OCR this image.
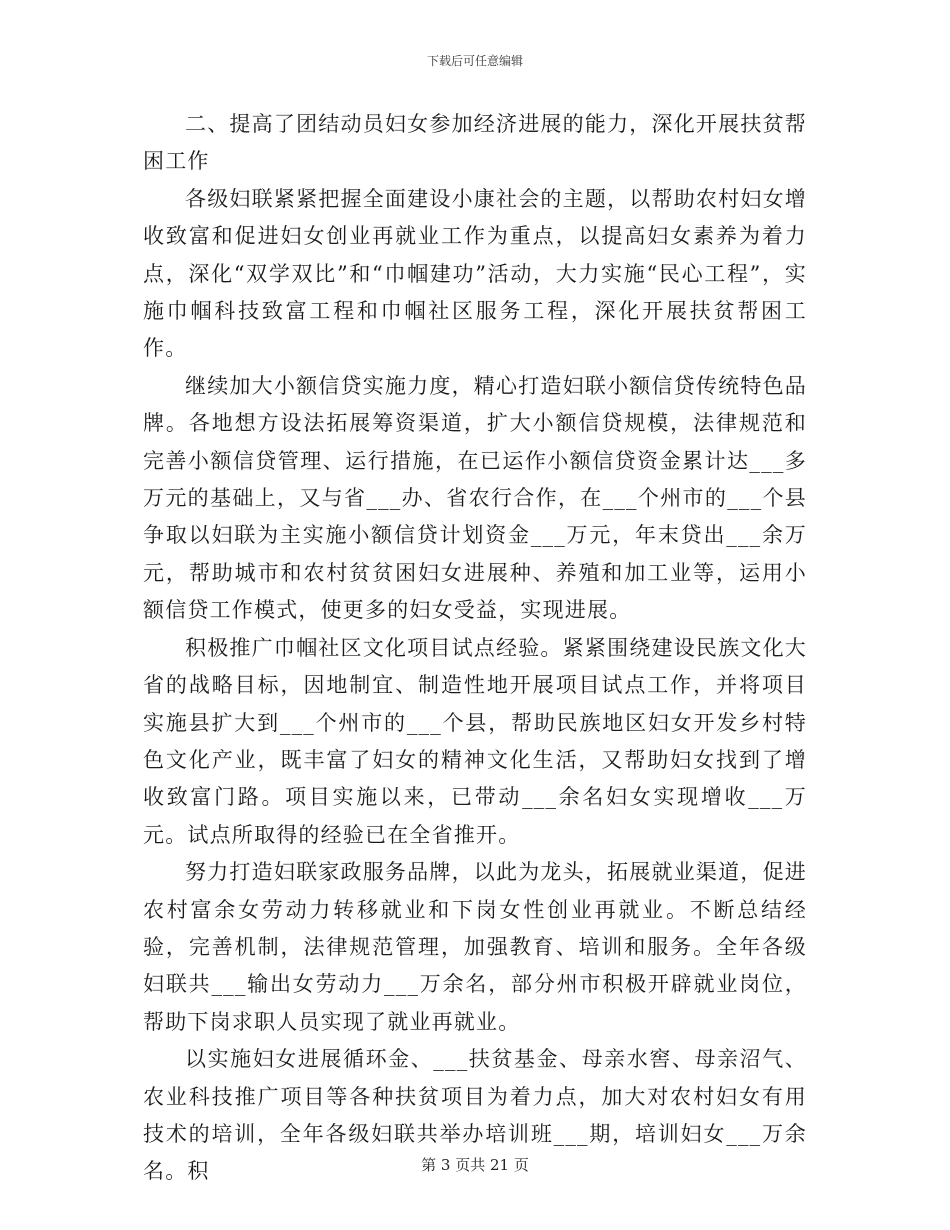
下载后可任意编辑

二、提高了团结动员妇女参加经济进展的能力，深化开展扶贫帮困工作

各级妇联紧紧把握全面建设小康社会的主题，以帮助农村妇女增收致富和促进妇女创业再就业工作为重点，以提高妇女素养为着力点，深化“双学双比”和“巾帼建功”活动，大力实施“民心工程”，实施巾帼科技致富工程和巾帼社区服务工程，深化开展扶贫帮困工作。

继续加大小额信贷实施力度，精心打造妇联小额信贷传统特色品牌。各地想方设法拓展筹资渠道，扩大小额信贷规模，法律规范和完善小额信贷管理、运行措施，在已运作小额信贷资金累计达___多万元的基础上，又与省___办、省农行合作，在___个州市的___个县争取以妇联为主实施小额信贷计划资金___万元，年末贷出___余万元，帮助城市和农村贫贫困妇女进展种、养殖和加工业等，运用小额信贷工作模式，使更多的妇女受益，实现进展。

积极推广巾帼社区文化项目试点经验。紧紧围绕建设民族文化大省的战略目标，因地制宜、制造性地开展项目试点工作，并将项目实施县扩大到___个州市的___个县，帮助民族地区妇女开发乡村特色文化产业，既丰富了妇女的精神文化生活，又帮助妇女找到了增收致富门路。项目实施以来，已带动___余名妇女实现增收___万元。试点所取得的经验已在全省推开。

努力打造妇联家政服务品牌，以此为龙头，拓展就业渠道，促进农村富余女劳动力转移就业和下岗女性创业再就业。不断总结经验，完善机制，法律规范管理，加强教育、培训和服务。全年各级妇联共___输出女劳动力___万余名，部分州市积极开辟就业岗位，帮助下岗求职人员实现了就业再就业。

以实施妇女进展循环金、___扶贫基金、母亲水窖、母亲沼气、农业科技推广项目等各种扶贫项目为着力点，加大对农村妇女有用技术的培训，全年各级妇联共举办培训班___期，培训妇女___万余名。积	第 3 页共 21 页
